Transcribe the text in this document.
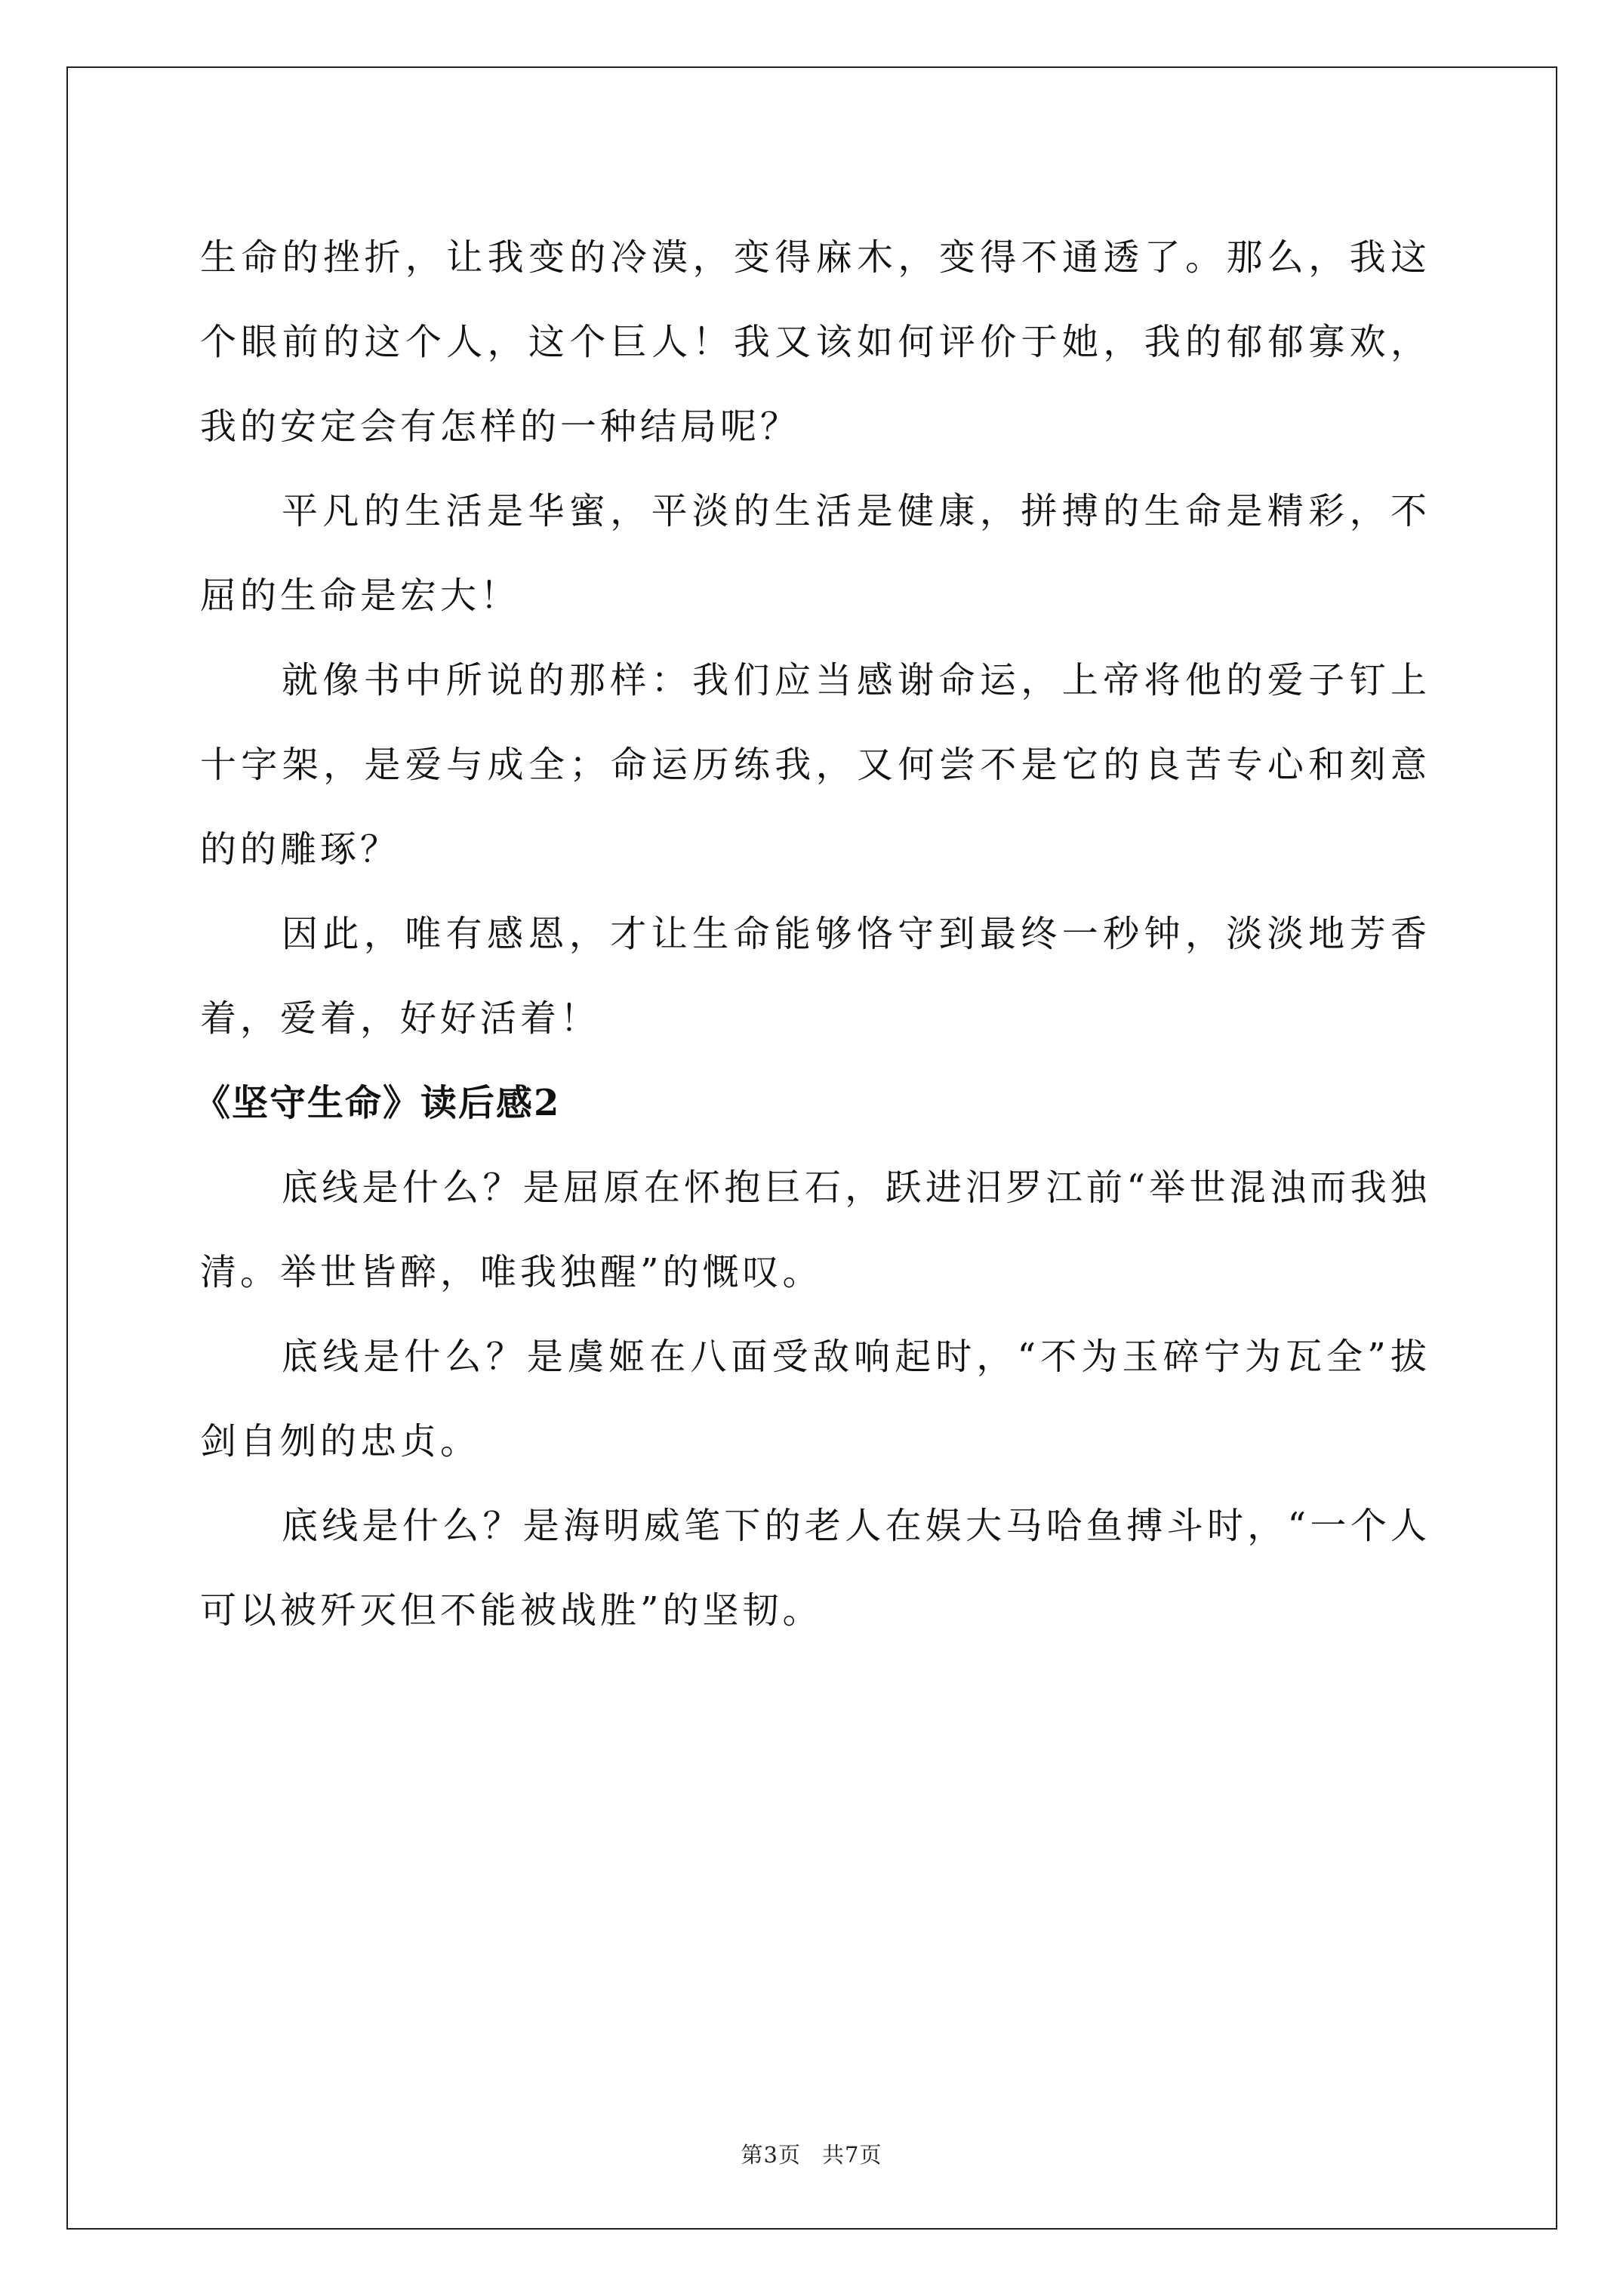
生命的挫折，让我变的冷漠，变得麻木，变得不通透了。那么，我这个眼前的这个人，这个巨人！我又该如何评价于她，我的郁郁寡欢，我的安定会有怎样的一种结局呢？

平凡的生活是华蜜，平淡的生活是健康，拼搏的生命是精彩，不屈的生命是宏大！

就像书中所说的那样：我们应当感谢命运，上帝将他的爱子钉上十字架，是爱与成全；命运历练我，又何尝不是它的良苦专心和刻意的的雕琢？

因此，唯有感恩，才让生命能够恪守到最终一秒钟，淡淡地芳香着，爱着，好好活着！

《坚守生命》读后感2

底线是什么？是屈原在怀抱巨石，跃进汨罗江前“举世混浊而我独清。举世皆醉，唯我独醒”的慨叹。

底线是什么？是虞姬在八面受敌响起时，“不为玉碎宁为瓦全”拔剑自刎的忠贞。

底线是什么？是海明威笔下的老人在娱大马哈鱼搏斗时，“一个人可以被歼灭但不能被战胜”的坚韧。

第3页 共7页
